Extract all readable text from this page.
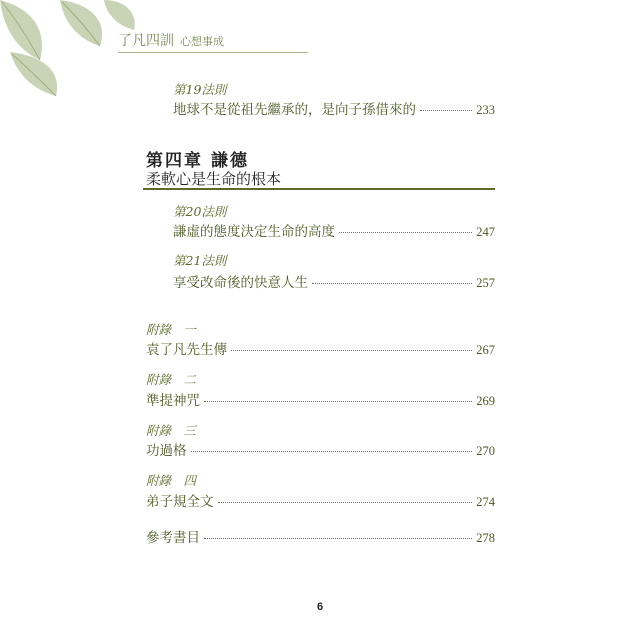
了凡四訓 心想事成
第19法則
地球不是從祖先繼承的，是向子孫借來的	233
第四章 謙德
柔軟心是生命的根本
第20法則
謙虛的態度決定生命的高度	247
第21法則
享受改命後的快意人生	257
附錄　一
袁了凡先生傳	267
附錄　二
準提神咒	269
附錄　三
功過格	270
附錄　四
弟子規全文	274
參考書目	278
6
